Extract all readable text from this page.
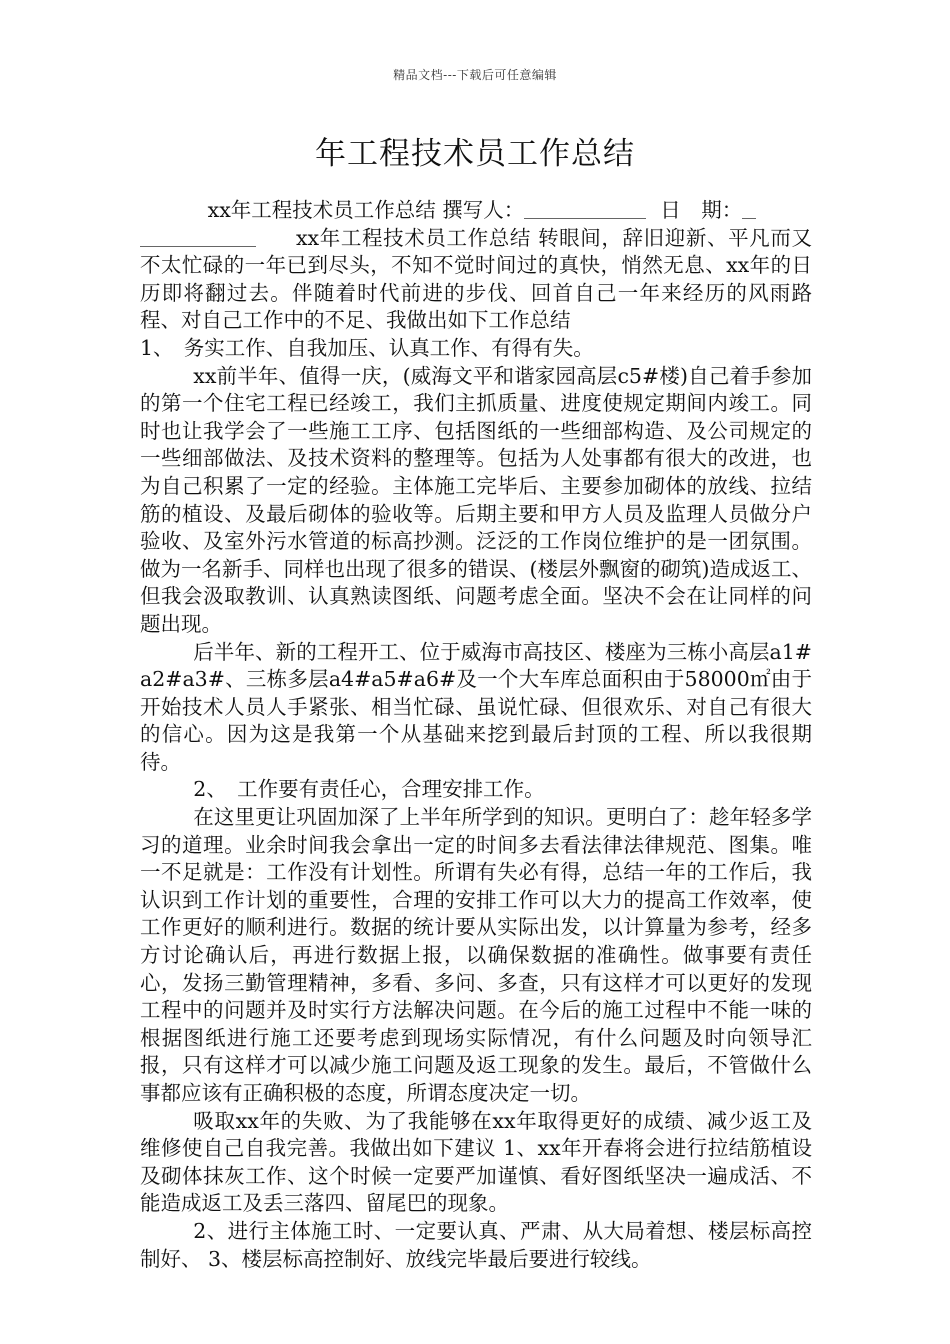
精品文档---下载后可任意编辑
年工程技术员工作总结

xx年工程技术员工作总结 撰写人：	日　期：

xx年工程技术员工作总结 转眼间，辞旧迎新、平凡而又不太忙碌的一年已到尽头，不知不觉时间过的真快，悄然无息、xx年的日历即将翻过去。伴随着时代前进的步伐、回首自己一年来经历的风雨路程、对自己工作中的不足、我做出如下工作总结

1、　务实工作、自我加压、认真工作、有得有失。

xx前半年、值得一庆，(威海文平和谐家园高层c5#楼)自己着手参加的第一个住宅工程已经竣工，我们主抓质量、进度使规定期间内竣工。同时也让我学会了一些施工工序、包括图纸的一些细部构造、及公司规定的一些细部做法、及技术资料的整理等。包括为人处事都有很大的改进，也为自己积累了一定的经验。主体施工完毕后、主要参加砌体的放线、拉结筋的植设、及最后砌体的验收等。后期主要和甲方人员及监理人员做分户验收、及室外污水管道的标高抄测。泛泛的工作岗位维护的是一团氛围。做为一名新手、同样也出现了很多的错误、(楼层外飘窗的砌筑)造成返工、但我会汲取教训、认真熟读图纸、问题考虑全面。坚决不会在让同样的问题出现。

后半年、新的工程开工、位于威海市高技区、楼座为三栋小高层a1#a2#a3#、三栋多层a4#a5#a6#及一个大车库总面积由于58000㎡由于开始技术人员人手紧张、相当忙碌、虽说忙碌、但很欢乐、对自己有很大的信心。因为这是我第一个从基础来挖到最后封顶的工程、所以我很期待。

2、　工作要有责任心，合理安排工作。

在这里更让巩固加深了上半年所学到的知识。更明白了：趁年轻多学习的道理。业余时间我会拿出一定的时间多去看法律法律规范、图集。唯一不足就是：工作没有计划性。所谓有失必有得，总结一年的工作后，我认识到工作计划的重要性，合理的安排工作可以大力的提高工作效率，使工作更好的顺利进行。数据的统计要从实际出发，以计算量为参考，经多方讨论确认后，再进行数据上报，以确保数据的准确性。做事要有责任心，发扬三勤管理精神，多看、多问、多查，只有这样才可以更好的发现工程中的问题并及时实行方法解决问题。在今后的施工过程中不能一味的根据图纸进行施工还要考虑到现场实际情况，有什么问题及时向领导汇报，只有这样才可以减少施工问题及返工现象的发生。最后，不管做什么事都应该有正确积极的态度，所谓态度决定一切。

吸取xx年的失败、为了我能够在xx年取得更好的成绩、减少返工及维修使自己自我完善。我做出如下建议 1、xx年开春将会进行拉结筋植设及砌体抹灰工作、这个时候一定要严加谨慎、看好图纸坚决一遍成活、不能造成返工及丢三落四、留尾巴的现象。

2、进行主体施工时、一定要认真、严肃、从大局着想、楼层标高控制好、 3、楼层标高控制好、放线完毕最后要进行较线。
